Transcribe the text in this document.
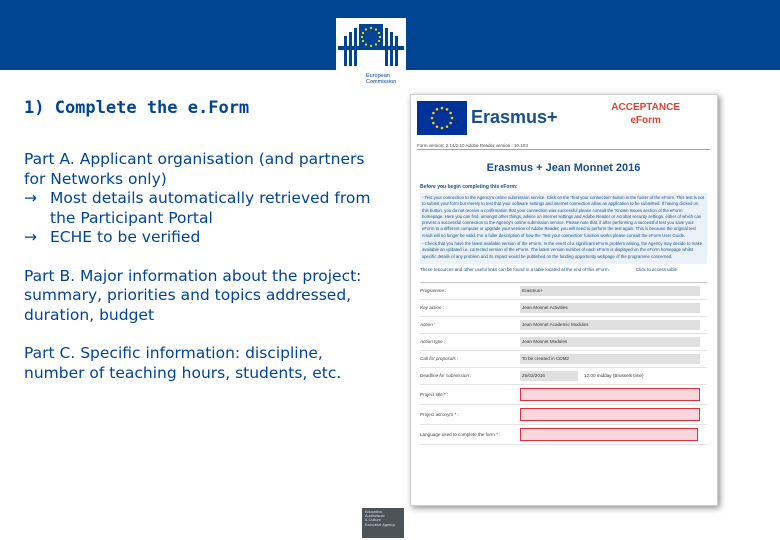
European
Commission
1) Complete the e.Form
Part A. Applicant organisation (and partners for Networks only)

→ Most details automatically retrieved from the Participant Portal

→ ECHE to be verified

Part B. Major information about the project: summary, priorities and topics addressed, duration, budget
Part C. Specific information: discipline, number of teaching hours, students, etc.
Erasmus+	ACCEPTANCE
eForm
Form version: 2.14/2.10 Adobe Reader version : 10.103
Erasmus + Jean Monnet 2016
Before you begin completing this eForm:

- Test your connection to the Agency's online submission service. Click on the 'Test your connection' button in the footer of the eForm. This test is not to submit your form but merely to test that your software settings and internet connection allow an application to be submitted. If having clicked on this button, you do not receive a confirmation that your connection was successful please consult the 'Known Issues section of the eForm homepage. Here you can find, amongst other things, advice on internet settings and Adobe Reader or Acrobat security settings, either of which can prevent a successful connection to the Agency's online submission service. Please note that, if after performing a successful test you save your eForm to a different computer or upgrade your version of Adobe Reader, you will need to perform the test again. This is because the original test result will no longer be valid. For a fuller description of how the 'Test your connection' function works please consult the eForm User Guide.

- Check that you have the latest available version of the eForm. In the event of a significant eForm problem arising, the Agency may decide to make available an updated i.e. corrected version of the eForm. The latest version number of each eForm is displayed on the eForm homepage whilst specific details of any problem and its impact would be published on the funding opportunity webpage of the programme concerned.

These resources and other useful links can be found in a table located at the end of this eForm.	Click to access table
Programme :	Erasmus+
Key action :	Jean Monnet Activities
Action :	Jean Monnet Academic Modules
Action type :	Jean Monnet Modules
Call for proposals :	To be created in CDM2
Deadline for submission :	25/02/2016	12:00 midday (Brussels time)
Project title * :
Project acronym * :
Language used to complete the form * :
Education,
Audiovisual
& Culture
Executive Agency
